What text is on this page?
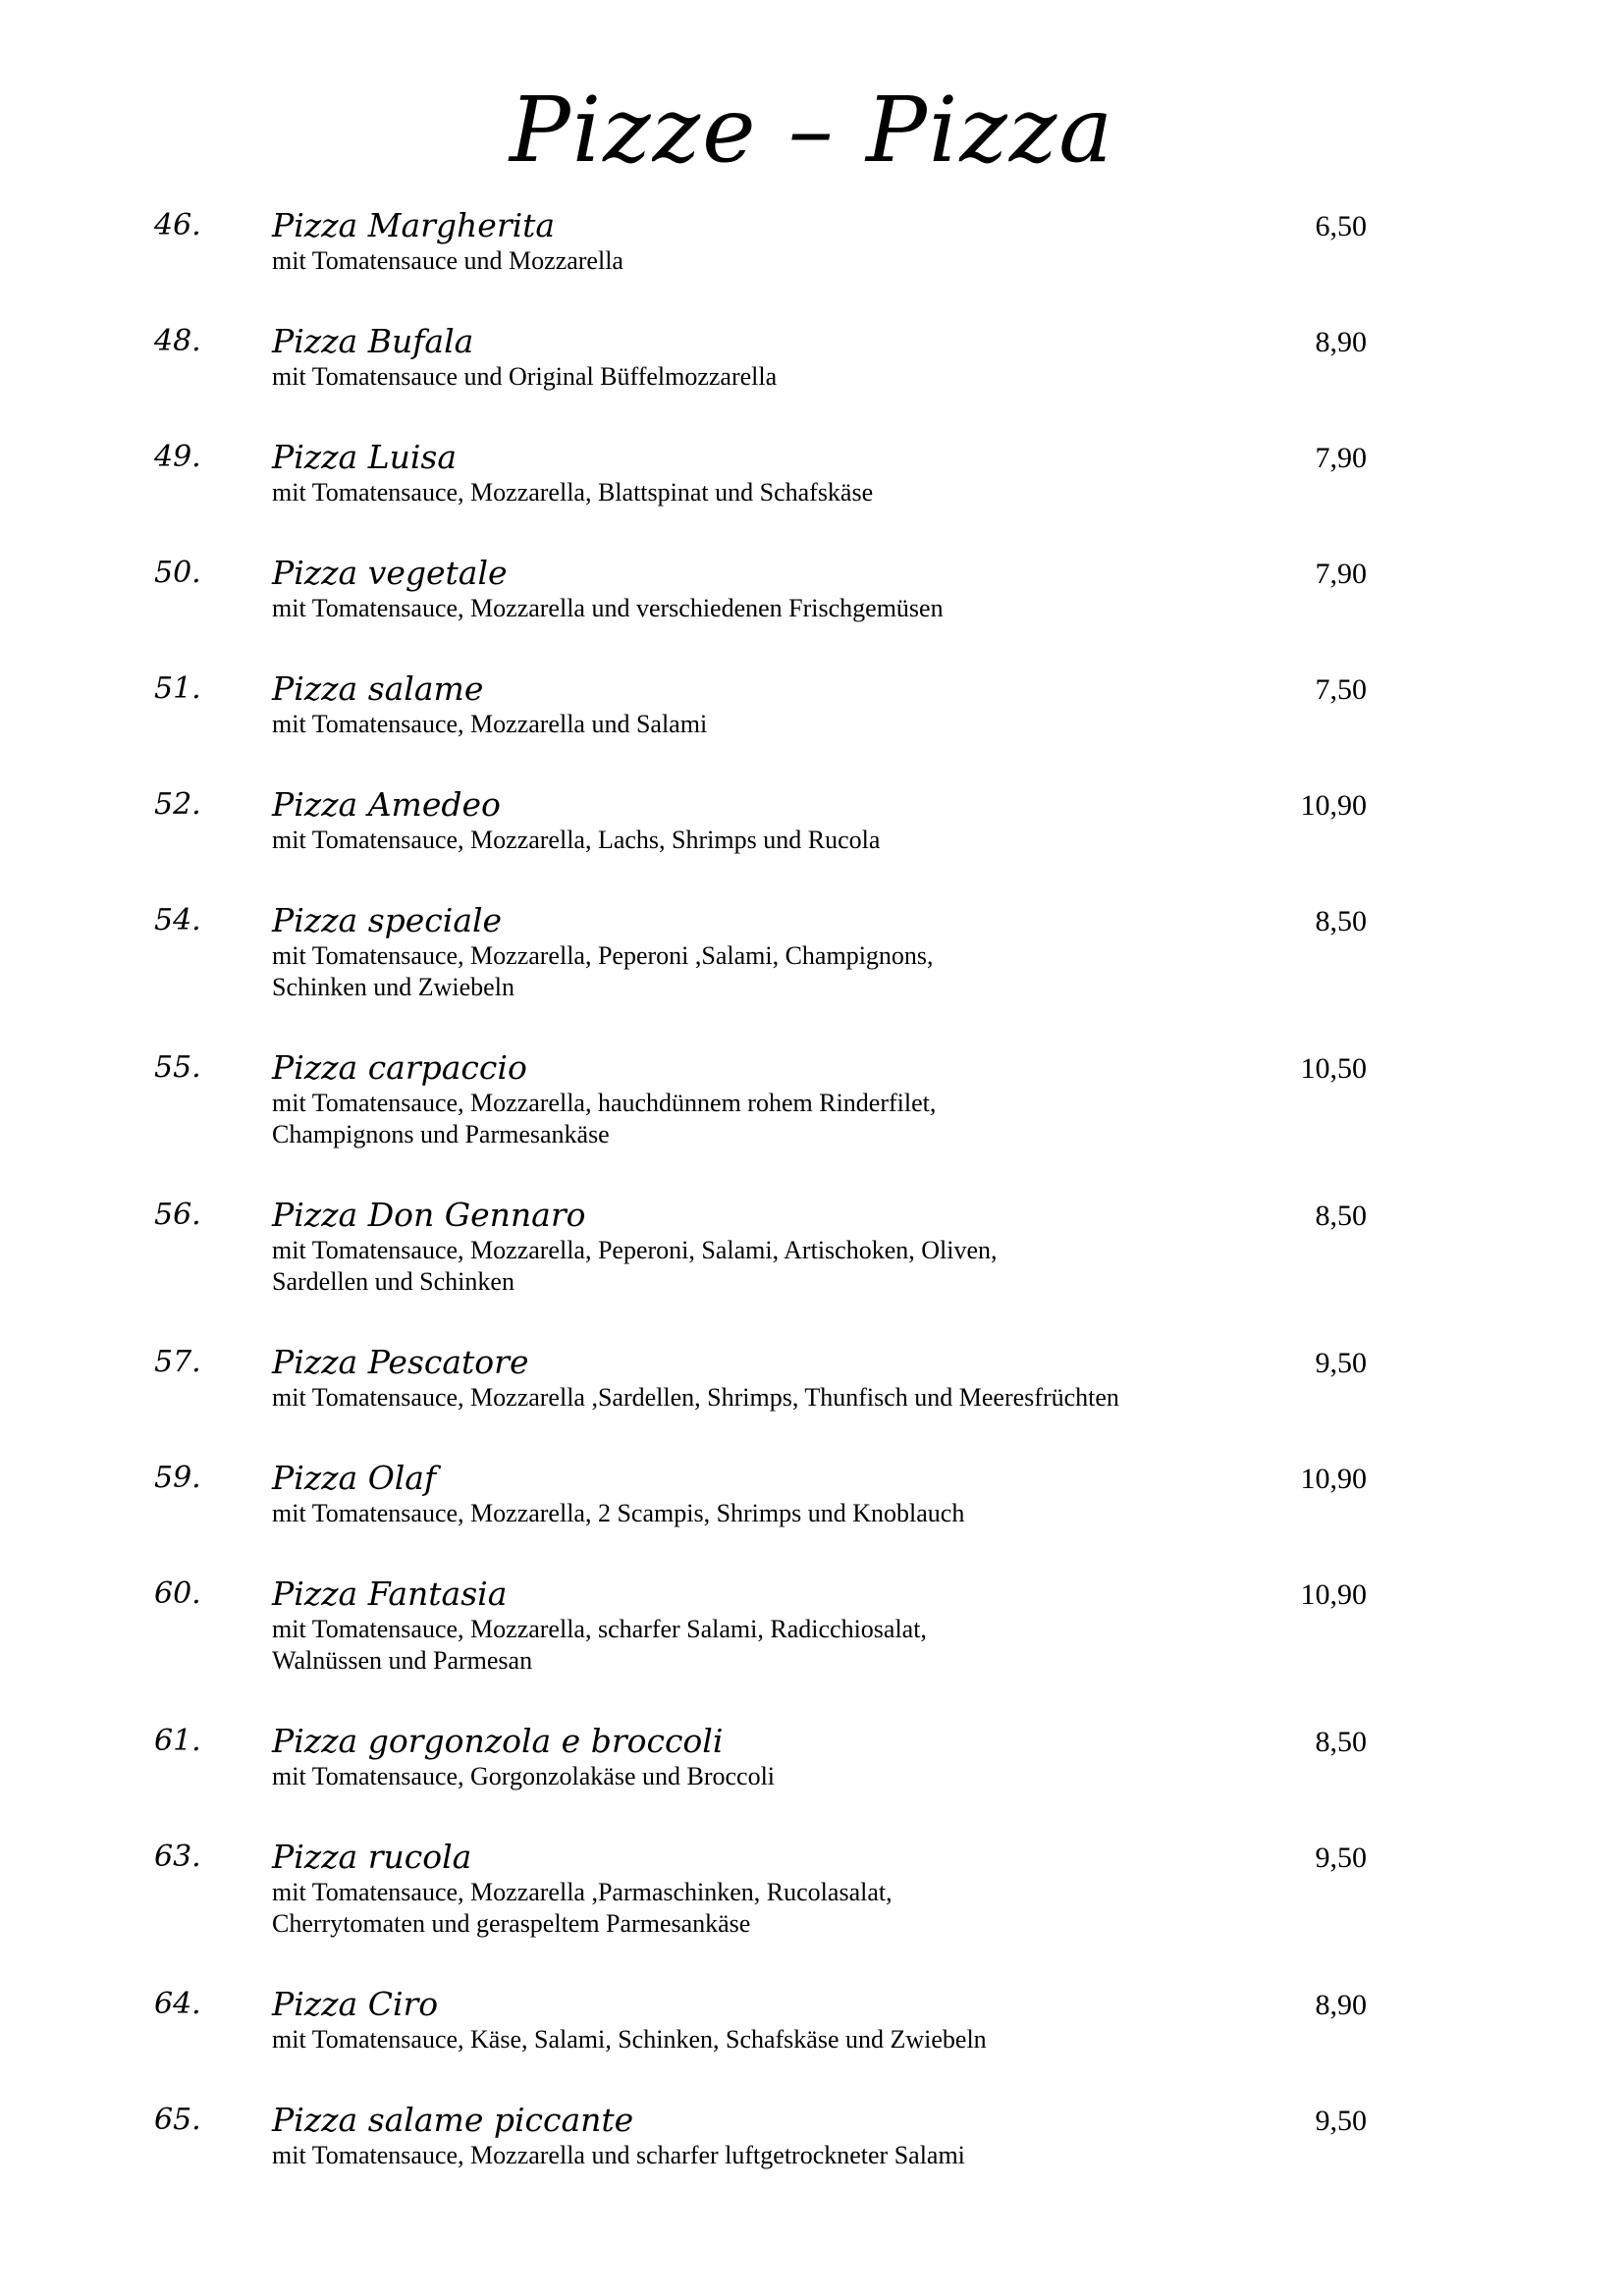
Pizze – Pizza
46. Pizza Margherita	6,50
mit Tomatensauce und Mozzarella
48. Pizza Bufala	8,90
mit Tomatensauce und Original Büffelmozzarella
49. Pizza Luisa	7,90
mit Tomatensauce, Mozzarella, Blattspinat und Schafskäse
50. Pizza vegetale	7,90
mit Tomatensauce, Mozzarella und verschiedenen Frischgemüsen
51. Pizza salame	7,50
mit Tomatensauce, Mozzarella und Salami
52. Pizza Amedeo	10,90
mit Tomatensauce, Mozzarella, Lachs, Shrimps und Rucola
54. Pizza speciale	8,50
mit Tomatensauce, Mozzarella, Peperoni ,Salami, Champignons,
Schinken und Zwiebeln
55. Pizza carpaccio	10,50
mit Tomatensauce, Mozzarella, hauchdünnem rohem Rinderfilet,
Champignons und Parmesankäse
56. Pizza Don Gennaro	8,50
mit Tomatensauce, Mozzarella, Peperoni, Salami, Artischoken, Oliven,
Sardellen und Schinken
57. Pizza Pescatore	9,50
mit Tomatensauce, Mozzarella ,Sardellen, Shrimps, Thunfisch und Meeresfrüchten
59. Pizza Olaf	10,90
mit Tomatensauce, Mozzarella, 2 Scampis, Shrimps und Knoblauch
60. Pizza Fantasia	10,90
mit Tomatensauce, Mozzarella, scharfer Salami, Radicchiosalat,
Walnüssen und Parmesan
61. Pizza gorgonzola e broccoli	8,50
mit Tomatensauce, Gorgonzolakäse und Broccoli
63. Pizza rucola	9,50
mit Tomatensauce, Mozzarella ,Parmaschinken, Rucolasalat,
Cherrytomaten und geraspeltem Parmesankäse
64. Pizza Ciro	8,90
mit Tomatensauce, Käse, Salami, Schinken, Schafskäse und Zwiebeln
65. Pizza salame piccante	9,50
mit Tomatensauce, Mozzarella und scharfer luftgetrockneter Salami
